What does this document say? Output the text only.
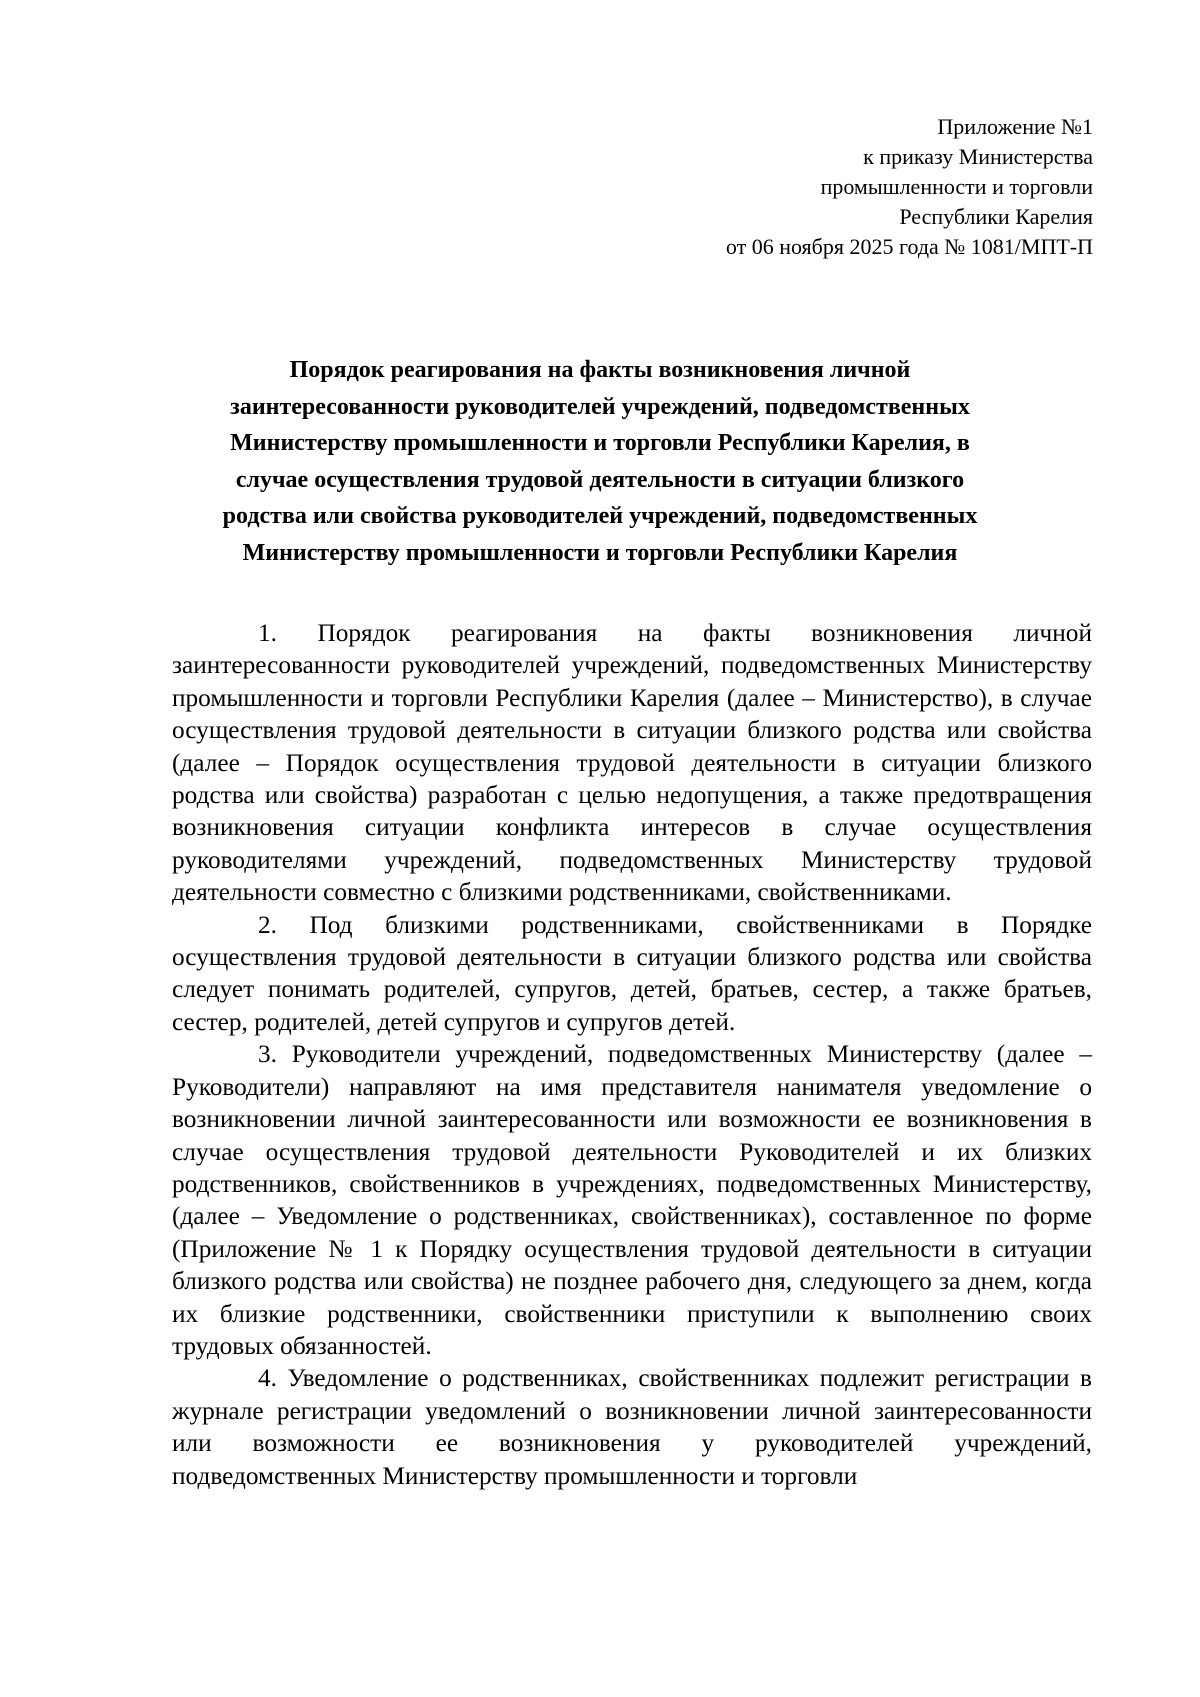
Приложение №1
к приказу Министерства
промышленности и торговли
Республики Карелия
от 06 ноября 2025 года № 1081/МПТ-П
Порядок реагирования на факты возникновения личной
заинтересованности руководителей учреждений, подведомственных
Министерству промышленности и торговли Республики Карелия, в
случае осуществления трудовой деятельности в ситуации близкого
родства или свойства руководителей учреждений, подведомственных
Министерству промышленности и торговли Республики Карелия

1. Порядок реагирования на факты возникновения личной заинтересованности руководителей учреждений, подведомственных Министерству промышленности и торговли Республики Карелия (далее – Министерство), в случае осуществления трудовой деятельности в ситуации близкого родства или свойства (далее – Порядок осуществления трудовой деятельности в ситуации близкого родства или свойства) разработан с целью недопущения, а также предотвращения возникновения ситуации конфликта интересов в случае осуществления руководителями учреждений, подведомственных Министерству трудовой деятельности совместно с близкими родственниками, свойственниками.

2. Под близкими родственниками, свойственниками в Порядке осуществления трудовой деятельности в ситуации близкого родства или свойства следует понимать родителей, супругов, детей, братьев, сестер, а также братьев, сестер, родителей, детей супругов и супругов детей.

3. Руководители учреждений, подведомственных Министерству (далее – Руководители) направляют на имя представителя нанимателя уведомление о возникновении личной заинтересованности или возможности ее возникновения в случае осуществления трудовой деятельности Руководителей и их близких родственников, свойственников в учреждениях, подведомственных Министерству, (далее – Уведомление о родственниках, свойственниках), составленное по форме (Приложение № 1 к Порядку осуществления трудовой деятельности в ситуации близкого родства или свойства) не позднее рабочего дня, следующего за днем, когда их близкие родственники, свойственники приступили к выполнению своих трудовых обязанностей.

4. Уведомление о родственниках, свойственниках подлежит регистрации в журнале регистрации уведомлений о возникновении личной заинтересованности или возможности ее возникновения у руководителей учреждений, подведомственных Министерству промышленности и торговли
